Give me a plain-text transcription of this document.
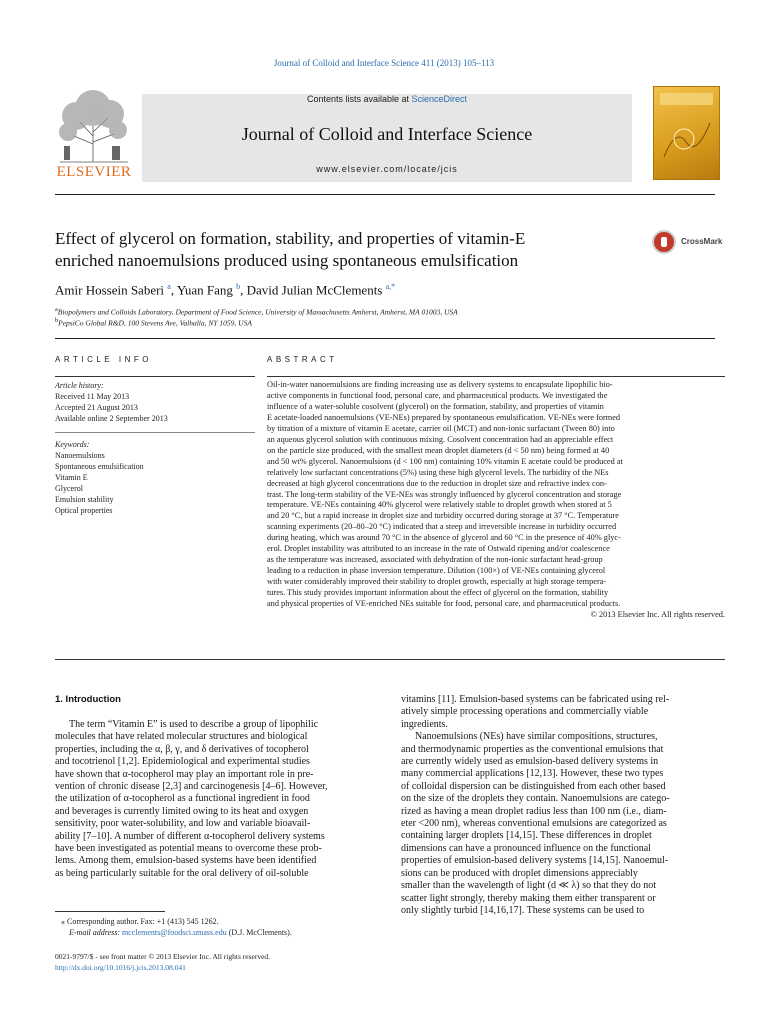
Journal of Colloid and Interface Science 411 (2013) 105–113
ELSEVIER
Contents lists available at ScienceDirect
Journal of Colloid and Interface Science
www.elsevier.com/locate/jcis
Effect of glycerol on formation, stability, and properties of vitamin-E
enriched nanoemulsions produced using spontaneous emulsification
CrossMark
Amir Hossein Saberi $^a$, Yuan Fang $^b$, David Julian McClements $^{a,*}$
$^a$Biopolymers and Colloids Laboratory, Department of Food Science, University of Massachusetts Amherst, Amherst, MA 01003, USA
$^b$PepsiCo Global R&D, 100 Stevens Ave, Valhalla, NY 1059, USA
ARTICLE INFO
Article history:
Received 11 May 2013
Accepted 21 August 2013
Available online 2 September 2013
Keywords:
Nanoemulsions
Spontaneous emulsification
Vitamin E
Glycerol
Emulsion stability
Optical properties
ABSTRACT
Oil-in-water nanoemulsions are finding increasing use as delivery systems to encapsulate lipophilic bio-
active components in functional food, personal care, and pharmaceutical products. We investigated the
influence of a water-soluble cosolvent (glycerol) on the formation, stability, and properties of vitamin
E acetate-loaded nanoemulsions (VE-NEs) prepared by spontaneous emulsification. VE-NEs were formed
by titration of a mixture of vitamin E acetate, carrier oil (MCT) and non-ionic surfactant (Tween 80) into
an aqueous glycerol solution with continuous mixing. Cosolvent concentration had an appreciable effect
on the particle size produced, with the smallest mean droplet diameters (d < 50 nm) being formed at 40
and 50 wt% glycerol. Nanoemulsions (d < 100 nm) containing 10% vitamin E acetate could be produced at
relatively low surfactant concentrations (5%) using these high glycerol levels. The turbidity of the NEs
decreased at high glycerol concentrations due to the reduction in droplet size and refractive index con-
trast. The long-term stability of the VE-NEs was strongly influenced by glycerol concentration and storage
temperature. VE-NEs containing 40% glycerol were relatively stable to droplet growth when stored at 5
and 20 °C, but a rapid increase in droplet size and turbidity occurred during storage at 37 °C. Temperature
scanning experiments (20–80–20 °C) indicated that a steep and irreversible increase in turbidity occurred
during heating, which was around 70 °C in the absence of glycerol and 60 °C in the presence of 40% glyc-
erol. Droplet instability was attributed to an increase in the rate of Ostwald ripening and/or coalescence
as the temperature was increased, associated with dehydration of the non-ionic surfactant head-group
leading to a reduction in phase inversion temperature. Dilution (100×) of VE-NEs containing glycerol
with water considerably improved their stability to droplet growth, especially at high storage tempera-
tures. This study provides important information about the effect of glycerol on the formation, stability
and physical properties of VE-enriched NEs suitable for food, personal care, and pharmaceutical products.
© 2013 Elsevier Inc. All rights reserved.
1. Introduction
The term “Vitamin E” is used to describe a group of lipophilic
molecules that have related molecular structures and biological
properties, including the α, β, γ, and δ derivatives of tocopherol
and tocotrienol [1,2]. Epidemiological and experimental studies
have shown that α-tocopherol may play an important role in pre-
vention of chronic disease [2,3] and carcinogenesis [4–6]. However,
the utilization of α-tocopherol as a functional ingredient in food
and beverages is currently limited owing to its heat and oxygen
sensitivity, poor water-solubility, and low and variable bioavail-
ability [7–10]. A number of different α-tocopherol delivery systems
have been investigated as potential means to overcome these prob-
lems. Among them, emulsion-based systems have been identified
as being particularly suitable for the oral delivery of oil-soluble
vitamins [11]. Emulsion-based systems can be fabricated using rel-
atively simple processing operations and commercially viable
ingredients.
Nanoemulsions (NEs) have similar compositions, structures,
and thermodynamic properties as the conventional emulsions that
are currently widely used as emulsion-based delivery systems in
many commercial applications [12,13]. However, these two types
of colloidal dispersion can be distinguished from each other based
on the size of the droplets they contain. Nanoemulsions are catego-
rized as having a mean droplet radius less than 100 nm (i.e., diam-
eter <200 nm), whereas conventional emulsions are categorized as
containing larger droplets [14,15]. These differences in droplet
dimensions can have a pronounced influence on the functional
properties of emulsion-based delivery systems [14,15]. Nanoemul-
sions can be produced with droplet dimensions appreciably
smaller than the wavelength of light (d ≪ λ) so that they do not
scatter light strongly, thereby making them either transparent or
only slightly turbid [14,16,17]. These systems can be used to
⁎ Corresponding author. Fax: +1 (413) 545 1262.
E-mail address: mcclements@foodsci.umass.edu (D.J. McClements).
0021-9797/$ - see front matter © 2013 Elsevier Inc. All rights reserved.
http://dx.doi.org/10.1016/j.jcis.2013.08.041
